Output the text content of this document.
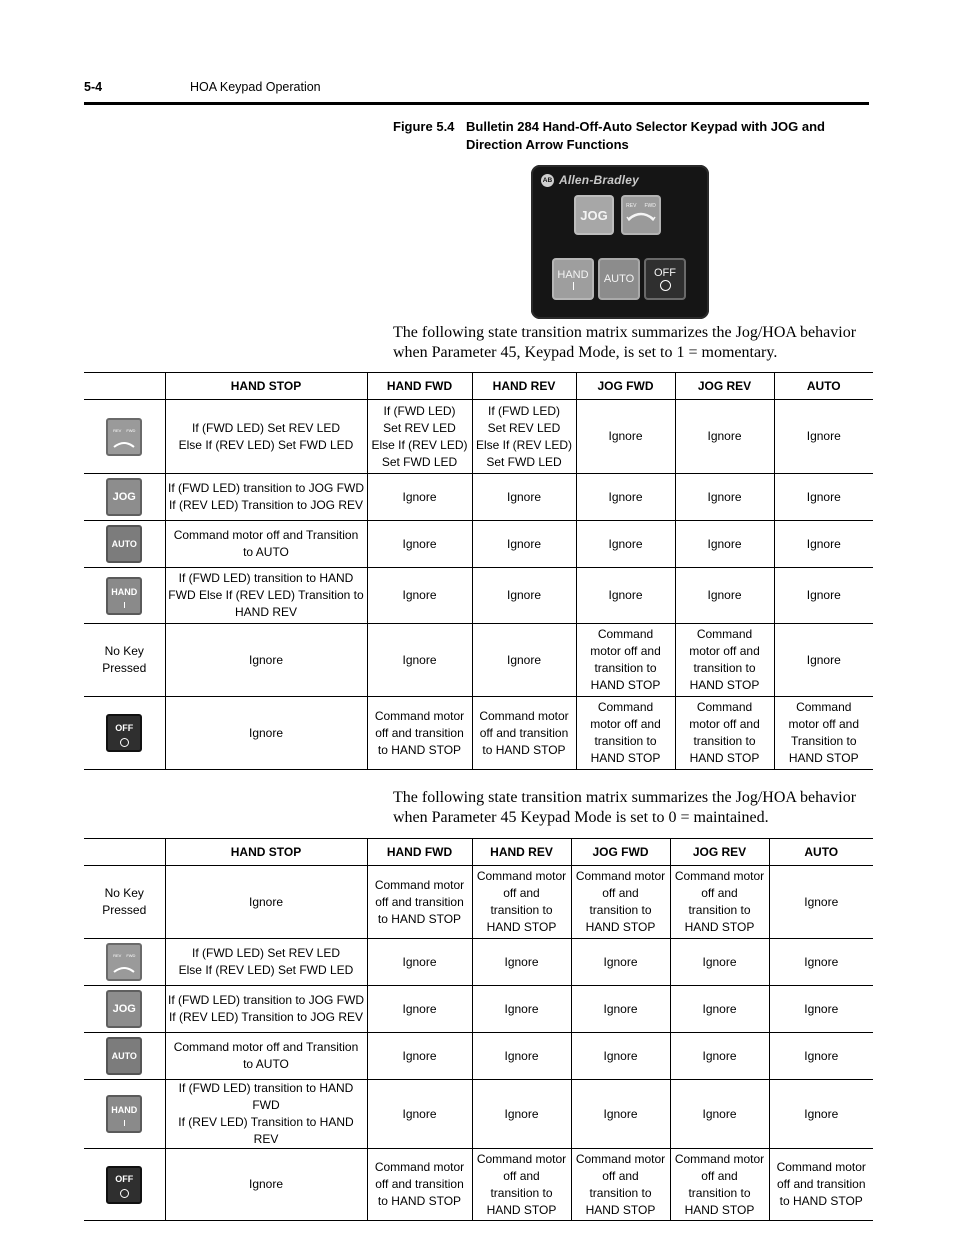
5-4	HOA Keypad Operation
Figure 5.4 Bulletin 284 Hand-Off-Auto Selector Keypad with JOG and Direction Arrow Functions
AB Allen-Bradley
JOG
REV FWD
HAND AUTO OFF
The following state transition matrix summarizes the Jog/HOA behavior when Parameter 45, Keypad Mode, is set to 1 = momentary.
	HAND STOP	HAND FWD	HAND REV	JOG FWD	JOG REV	AUTO

REV FWD	If (FWD LED) Set REV LED
Else If (REV LED) Set FWD LED	If (FWD LED)
Set REV LED
Else If (REV LED)
Set FWD LED	If (FWD LED)
Set REV LED
Else If (REV LED)
Set FWD LED	Ignore	Ignore	Ignore

JOG	If (FWD LED) transition to JOG FWD
If (REV LED) Transition to JOG REV	Ignore	Ignore	Ignore	Ignore	Ignore

AUTO	Command motor off and Transition to AUTO	Ignore	Ignore	Ignore	Ignore	Ignore

HAND	If (FWD LED) transition to HAND FWD Else If (REV LED) Transition to HAND REV	Ignore	Ignore	Ignore	Ignore	Ignore
No Key
Pressed	Ignore	Ignore	Ignore	Command
motor off and
transition to
HAND STOP	Command
motor off and
transition to
HAND STOP	Ignore

OFF	Ignore	Command motor
off and transition
to HAND STOP	Command motor
off and transition
to HAND STOP	Command
motor off and
transition to
HAND STOP	Command
motor off and
transition to
HAND STOP	Command
motor off and
Transition to
HAND STOP
The following state transition matrix summarizes the Jog/HOA behavior when Parameter 45 Keypad Mode is set to 0 = maintained.
	HAND STOP	HAND FWD	HAND REV	JOG FWD	JOG REV	AUTO
No Key
Pressed	Ignore	Command motor
off and transition
to HAND STOP	Command motor
off and
transition to
HAND STOP	Command motor
off and
transition to
HAND STOP	Command motor
off and
transition to
HAND STOP	Ignore

REV FWD	If (FWD LED) Set REV LED
Else If (REV LED) Set FWD LED	Ignore	Ignore	Ignore	Ignore	Ignore

JOG	If (FWD LED) transition to JOG FWD
If (REV LED) Transition to JOG REV	Ignore	Ignore	Ignore	Ignore	Ignore

AUTO	Command motor off and Transition to AUTO	Ignore	Ignore	Ignore	Ignore	Ignore

HAND	If (FWD LED) transition to HAND FWD
If (REV LED) Transition to HAND REV	Ignore	Ignore	Ignore	Ignore	Ignore

OFF	Ignore	Command motor
off and transition
to HAND STOP	Command motor
off and
transition to
HAND STOP	Command motor
off and
transition to
HAND STOP	Command motor
off and
transition to
HAND STOP	Command motor
off and transition
to HAND STOP
